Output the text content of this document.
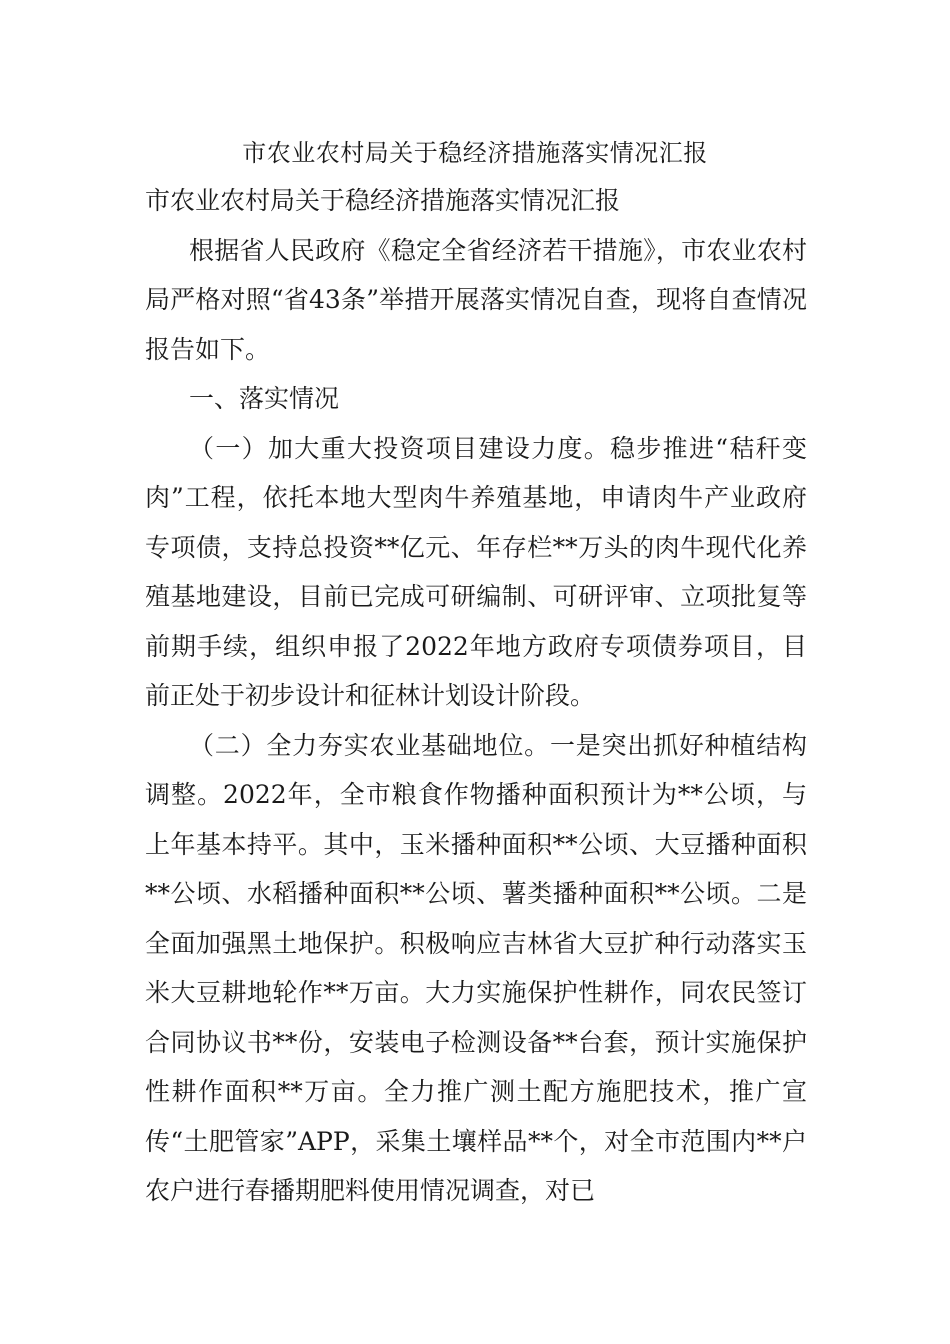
市农业农村局关于稳经济措施落实情况汇报

市农业农村局关于稳经济措施落实情况汇报

根据省人民政府《稳定全省经济若干措施》，市农业农村局严格对照“省43条”举措开展落实情况自查，现将自查情况报告如下。

一、落实情况

（一）加大重大投资项目建设力度。稳步推进“秸秆变肉”工程，依托本地大型肉牛养殖基地，申请肉牛产业政府专项债，支持总投资**亿元、年存栏**万头的肉牛现代化养殖基地建设，目前已完成可研编制、可研评审、立项批复等前期手续，组织申报了2022年地方政府专项债券项目，目前正处于初步设计和征林计划设计阶段。

（二）全力夯实农业基础地位。一是突出抓好种植结构调整。2022年，全市粮食作物播种面积预计为**公顷，与上年基本持平。其中，玉米播种面积**公顷、大豆播种面积**公顷、水稻播种面积**公顷、薯类播种面积**公顷。二是全面加强黑土地保护。积极响应吉林省大豆扩种行动落实玉米大豆耕地轮作**万亩。大力实施保护性耕作，同农民签订合同协议书**份，安装电子检测设备**台套，预计实施保护性耕作面积**万亩。全力推广测土配方施肥技术，推广宣传“土肥管家”APP，采集土壤样品**个，对全市范围内**户农户进行春播期肥料使用情况调查，对已
